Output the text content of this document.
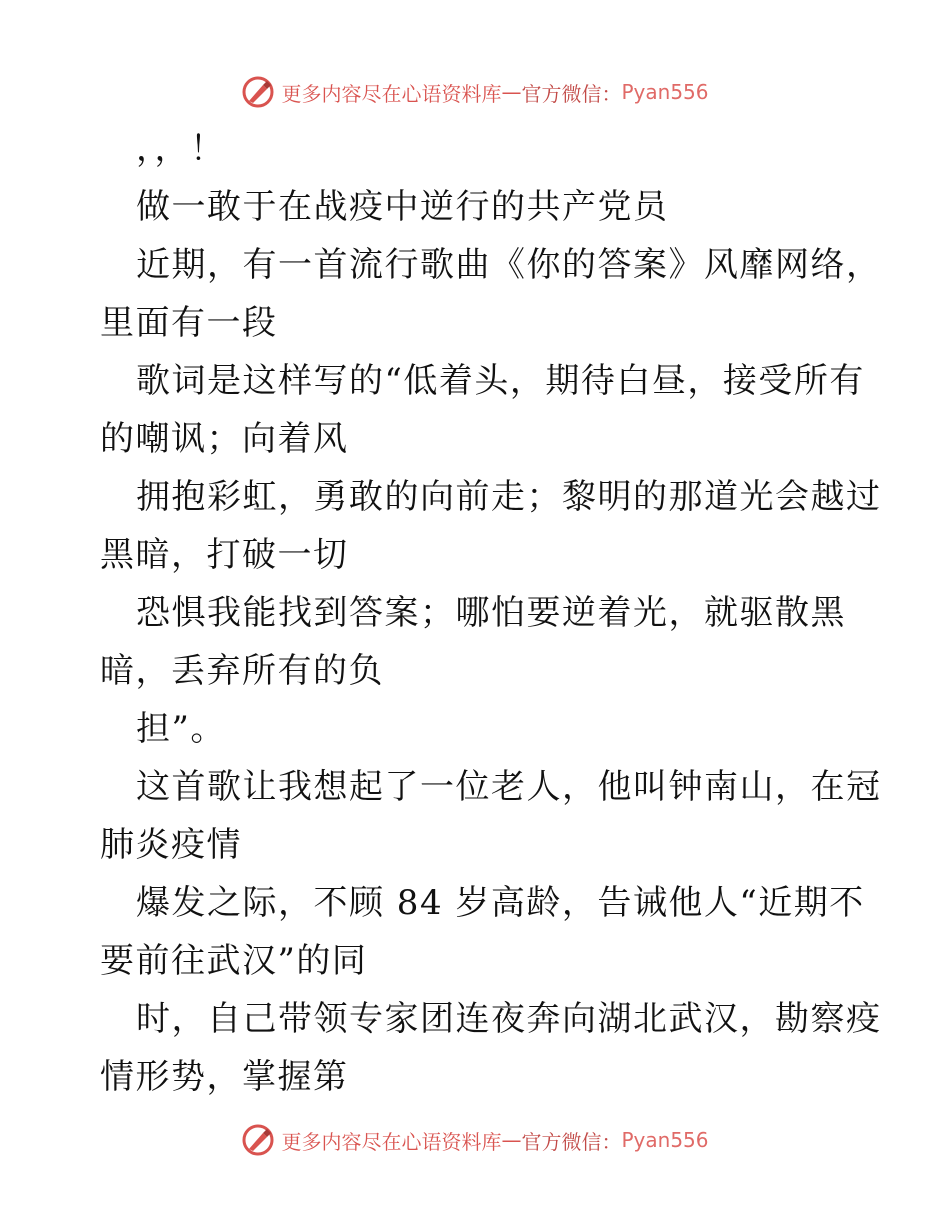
更多内容尽在心语资料库 — 官方微信： Pyan556

，，！

做一敢于在战疫中逆行的共产党员

近期，有一首流行歌曲《你的答案》风靡网络，

里面有一段

歌词是这样写的“低着头，期待白昼，接受所有

的嘲讽；向着风

拥抱彩虹，勇敢的向前走；黎明的那道光会越过

黑暗，打破一切

恐惧我能找到答案；哪怕要逆着光，就驱散黑

暗，丢弃所有的负

担”。

这首歌让我想起了一位老人，他叫钟南山，在冠

肺炎疫情

爆发之际，不顾 84 岁高龄，告诫他人“近期不

要前往武汉”的同

时，自己带领专家团连夜奔向湖北武汉，勘察疫

情形势，掌握第

更多内容尽在心语资料库 — 官方微信： Pyan556
